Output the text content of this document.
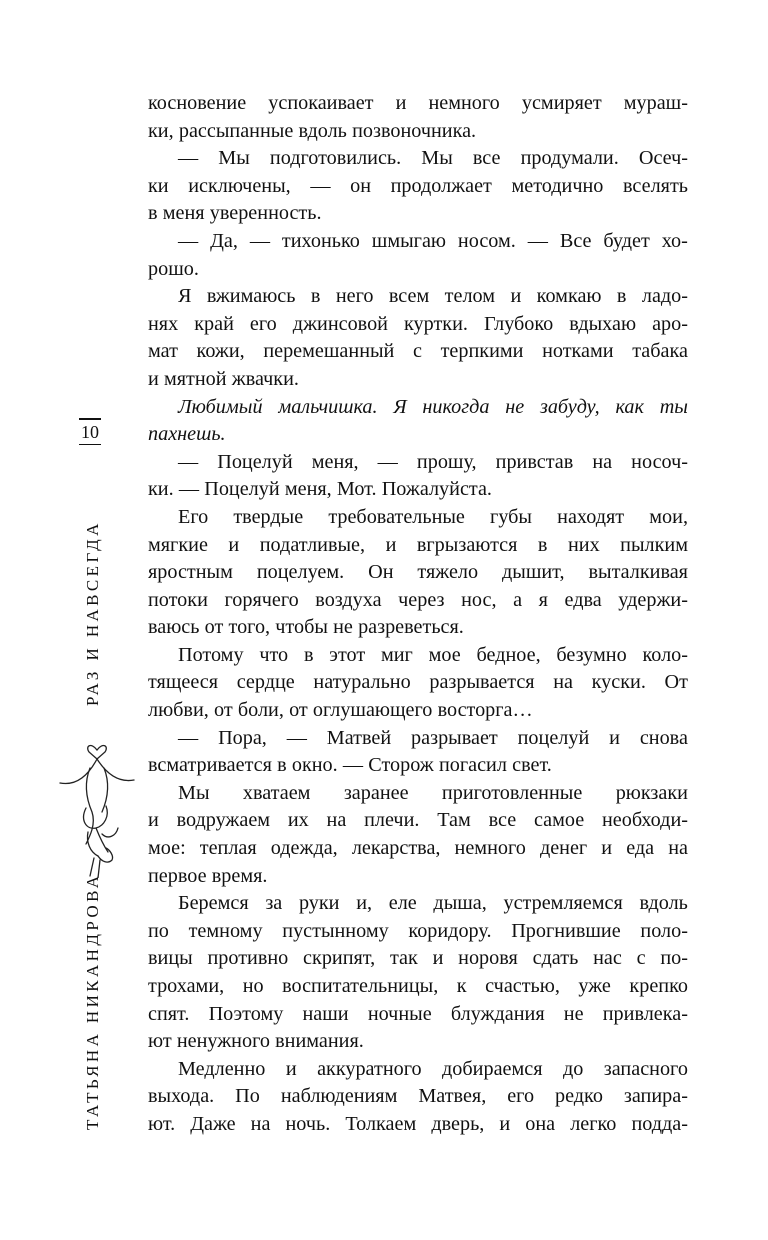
10
РАЗ И НАВСЕГДА
ТАТЬЯНА НИКАНДРОВА
косновение успокаивает и немного усмиряет мураш-
ки, рассыпанные вдоль позвоночника.
— Мы подготовились. Мы все продумали. Осеч-
ки исключены, — он продолжает методично вселять
в меня уверенность.
— Да, — тихонько шмыгаю носом. — Все будет хо-
рошо.
Я вжимаюсь в него всем телом и комкаю в ладо-
нях край его джинсовой куртки. Глубоко вдыхаю аро-
мат кожи, перемешанный с терпкими нотками табака
и мятной жвачки.
Любимый мальчишка. Я никогда не забуду, как ты
пахнешь.
— Поцелуй меня, — прошу, привстав на носоч-
ки. — Поцелуй меня, Мот. Пожалуйста.
Его твердые требовательные губы находят мои,
мягкие и податливые, и вгрызаются в них пылким
яростным поцелуем. Он тяжело дышит, выталкивая
потоки горячего воздуха через нос, а я едва удержи-
ваюсь от того, чтобы не разреветься.
Потому что в этот миг мое бедное, безумно коло-
тящееся сердце натурально разрывается на куски. От
любви, от боли, от оглушающего восторга…
— Пора, — Матвей разрывает поцелуй и снова
всматривается в окно. — Сторож погасил свет.
Мы хватаем заранее приготовленные рюкзаки
и водружаем их на плечи. Там все самое необходи-
мое: теплая одежда, лекарства, немного денег и еда на
первое время.
Беремся за руки и, еле дыша, устремляемся вдоль
по темному пустынному коридору. Прогнившие поло-
вицы противно скрипят, так и норовя сдать нас с по-
трохами, но воспитательницы, к счастью, уже крепко
спят. Поэтому наши ночные блуждания не привлека-
ют ненужного внимания.
Медленно и аккуратного добираемся до запасного
выхода. По наблюдениям Матвея, его редко запира-
ют. Даже на ночь. Толкаем дверь, и она легко подда-
